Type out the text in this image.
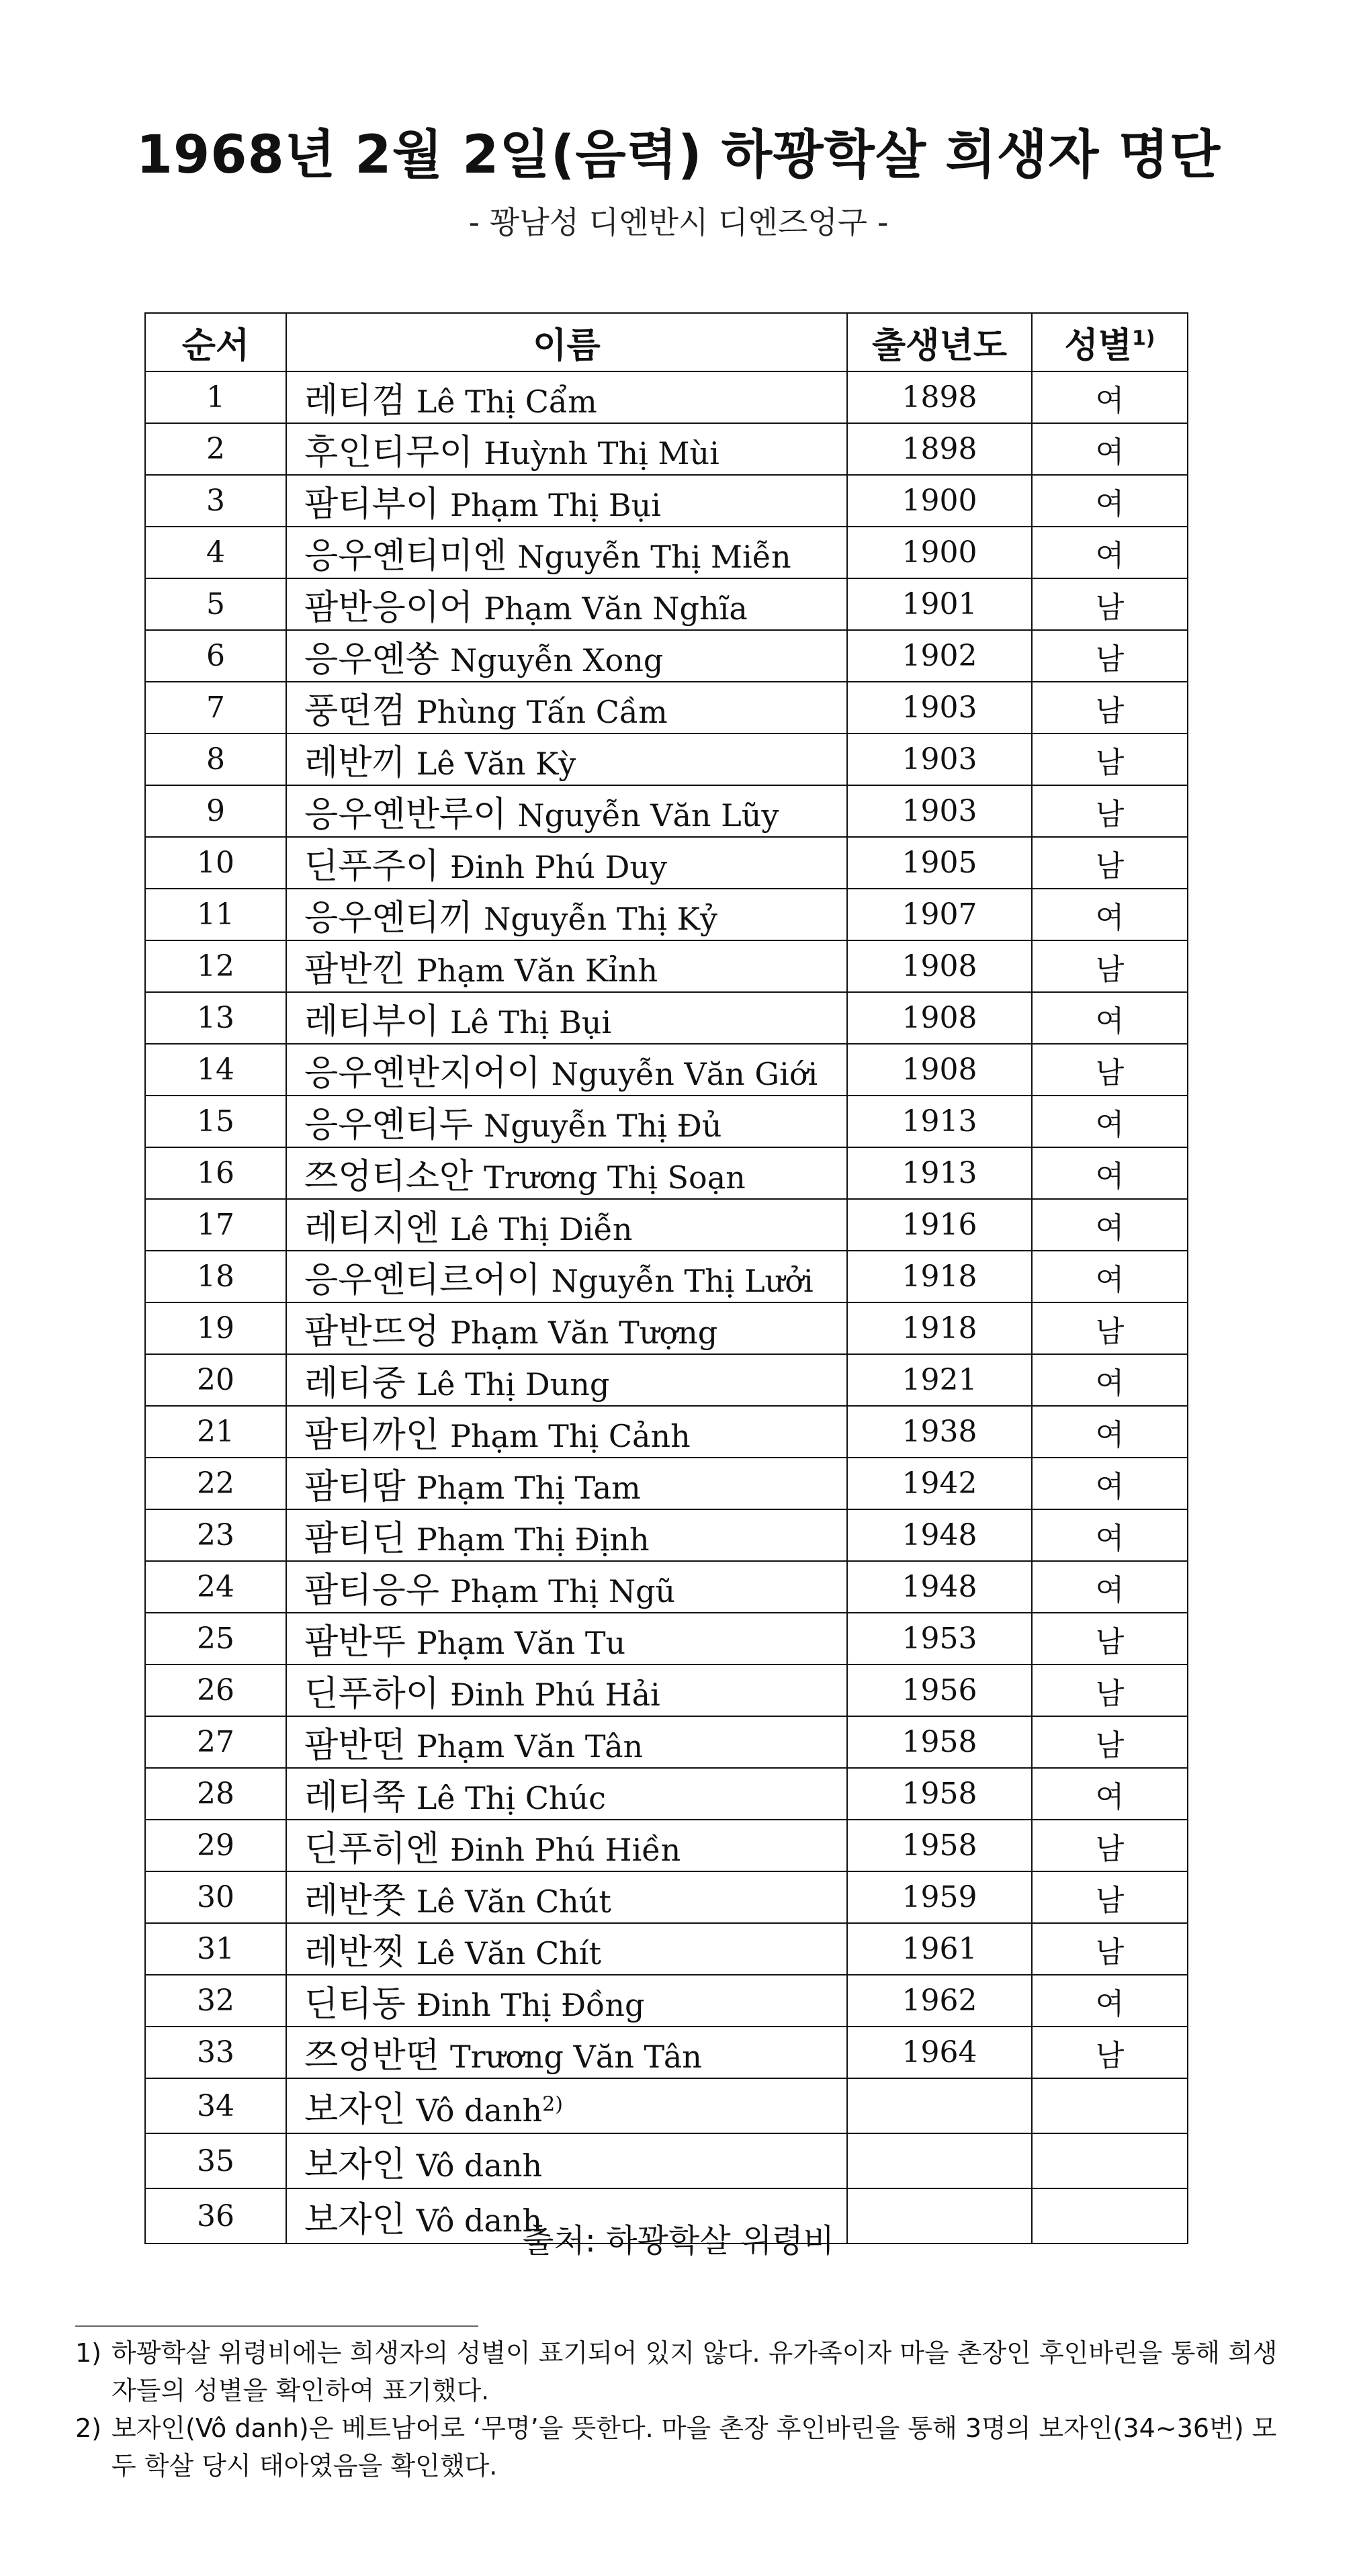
1968년 2월 2일(음력) 하꽝학살 희생자 명단
- 꽝남성 디엔반시 디엔즈엉구 -
순서	이름	출생년도	성별$^{1)}$
1	레티껌 Lê Thị Cẩm	1898	여
2	후인티무이 Huỳnh Thị Mùi	1898	여
3	팜티부이 Phạm Thị Bụi	1900	여
4	응우옌티미엔 Nguyễn Thị Miễn	1900	여
5	팜반응이어 Phạm Văn Nghĩa	1901	남
6	응우옌쏭 Nguyễn Xong	1902	남
7	풍떤껌 Phùng Tấn Cầm	1903	남
8	레반끼 Lê Văn Kỳ	1903	남
9	응우옌반루이 Nguyễn Văn Lũy	1903	남
10	딘푸주이 Đinh Phú Duy	1905	남
11	응우옌티끼 Nguyễn Thị Kỷ	1907	여
12	팜반낀 Phạm Văn Kỉnh	1908	남
13	레티부이 Lê Thị Bụi	1908	여
14	응우옌반지어이 Nguyễn Văn Giới	1908	남
15	응우옌티두 Nguyễn Thị Đủ	1913	여
16	쯔엉티소안 Trương Thị Soạn	1913	여
17	레티지엔 Lê Thị Diễn	1916	여
18	응우옌티르어이 Nguyễn Thị Lưởi	1918	여
19	팜반뜨엉 Phạm Văn Tượng	1918	남
20	레티중 Lê Thị Dung	1921	여
21	팜티까인 Phạm Thị Cảnh	1938	여
22	팜티땀 Phạm Thị Tam	1942	여
23	팜티딘 Phạm Thị Định	1948	여
24	팜티응우 Phạm Thị Ngũ	1948	여
25	팜반뚜 Phạm Văn Tu	1953	남
26	딘푸하이 Đinh Phú Hải	1956	남
27	팜반떤 Phạm Văn Tân	1958	남
28	레티쭉 Lê Thị Chúc	1958	여
29	딘푸히엔 Đinh Phú Hiền	1958	남
30	레반쭛 Lê Văn Chút	1959	남
31	레반찟 Lê Văn Chít	1961	남
32	딘티동 Đinh Thị Đồng	1962	여
33	쯔엉반떤 Trương Văn Tân	1964	남
34	보자인 Vô danh$^{2)}$		
35	보자인 Vô danh		
36	보자인 Vô danh		
출처: 하꽝학살 위령비
1) 하꽝학살 위령비에는 희생자의 성별이 표기되어 있지 않다. 유가족이자 마을 촌장인 후인바린을 통해 희생자들의 성별을 확인하여 표기했다.
2) 보자인(Vô danh)은 베트남어로 ‘무명’을 뜻한다. 마을 촌장 후인바린을 통해 3명의 보자인(34~36번) 모두 학살 당시 태아였음을 확인했다.
